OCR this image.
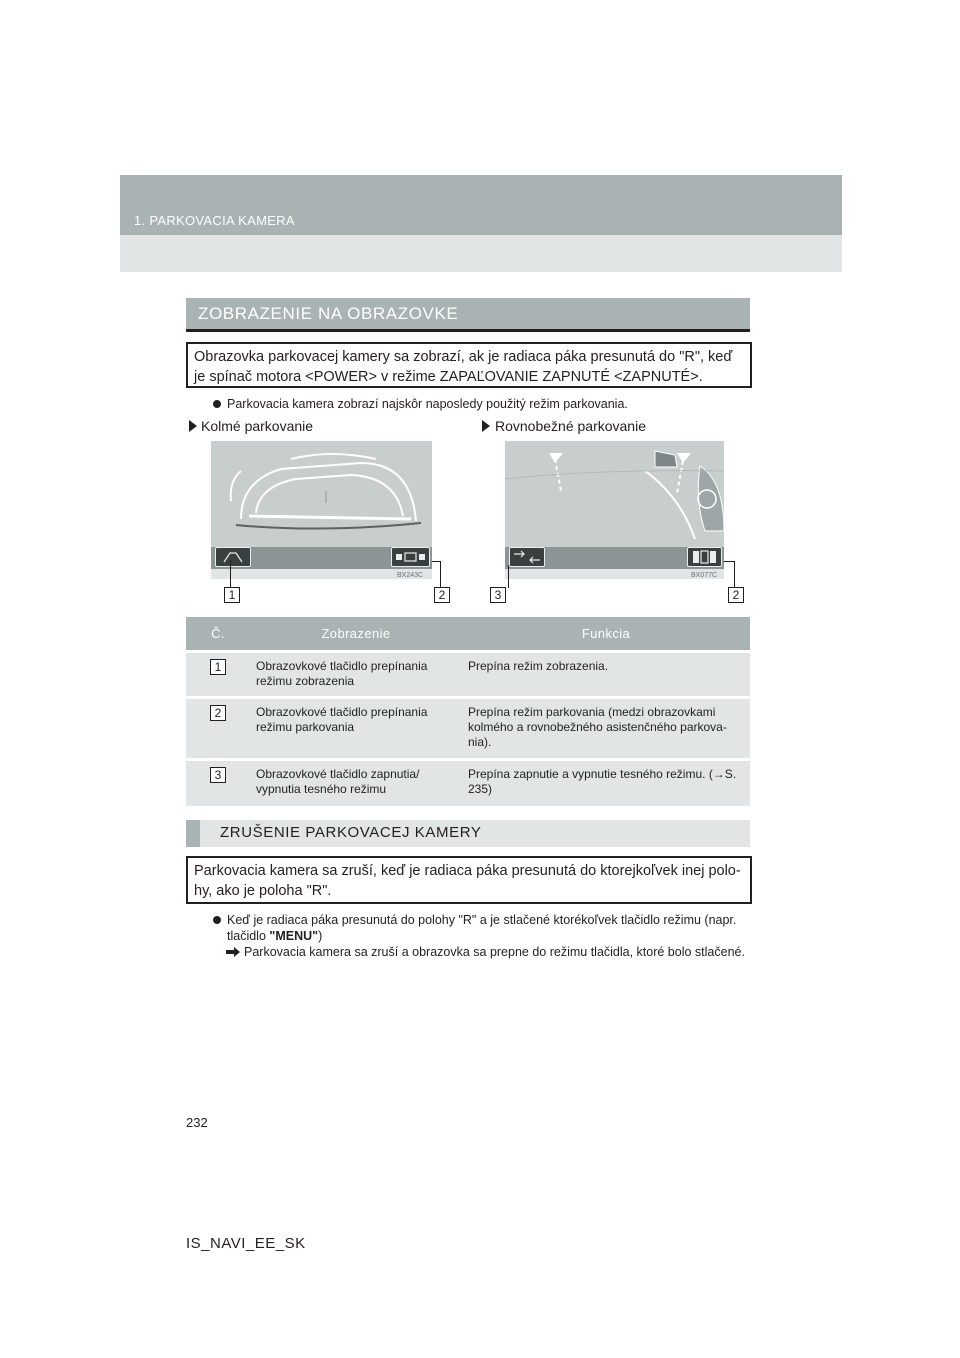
1. PARKOVACIA KAMERA
ZOBRAZENIE NA OBRAZOVKE
Obrazovka parkovacej kamery sa zobrazí, ak je radiaca páka presunutá do "R", keď je spínač motora <POWER> v režime ZAPAĽOVANIE ZAPNUTÉ <ZAPNUTÉ>.
Parkovacia kamera zobrazí najskôr naposledy použitý režim parkovania.
Kolmé parkovanie	Rovnobežné parkovanie
BX243C	BX077C
1	2	3	2
Č.	Zobrazenie	Funkcia
1	Obrazovkové tlačidlo prepínania režimu zobrazenia	Prepína režim zobrazenia.
2	Obrazovkové tlačidlo prepínania režimu parkovania	Prepína režim parkovania (medzi obrazovkami kolmého a rovnobežného asistenčného parkova-nia).
3	Obrazovkové tlačidlo zapnutia/ vypnutia tesného režimu	Prepína zapnutie a vypnutie tesného režimu. (→S. 235)
ZRUŠENIE PARKOVACEJ KAMERY
Parkovacia kamera sa zruší, keď je radiaca páka presunutá do ktorejkoľvek inej polo-hy, ako je poloha "R".
Keď je radiaca páka presunutá do polohy "R" a je stlačené ktorékoľvek tlačidlo režimu (napr. tlačidlo "MENU")
Parkovacia kamera sa zruší a obrazovka sa prepne do režimu tlačidla, ktoré bolo stlačené.
232
IS_NAVI_EE_SK
